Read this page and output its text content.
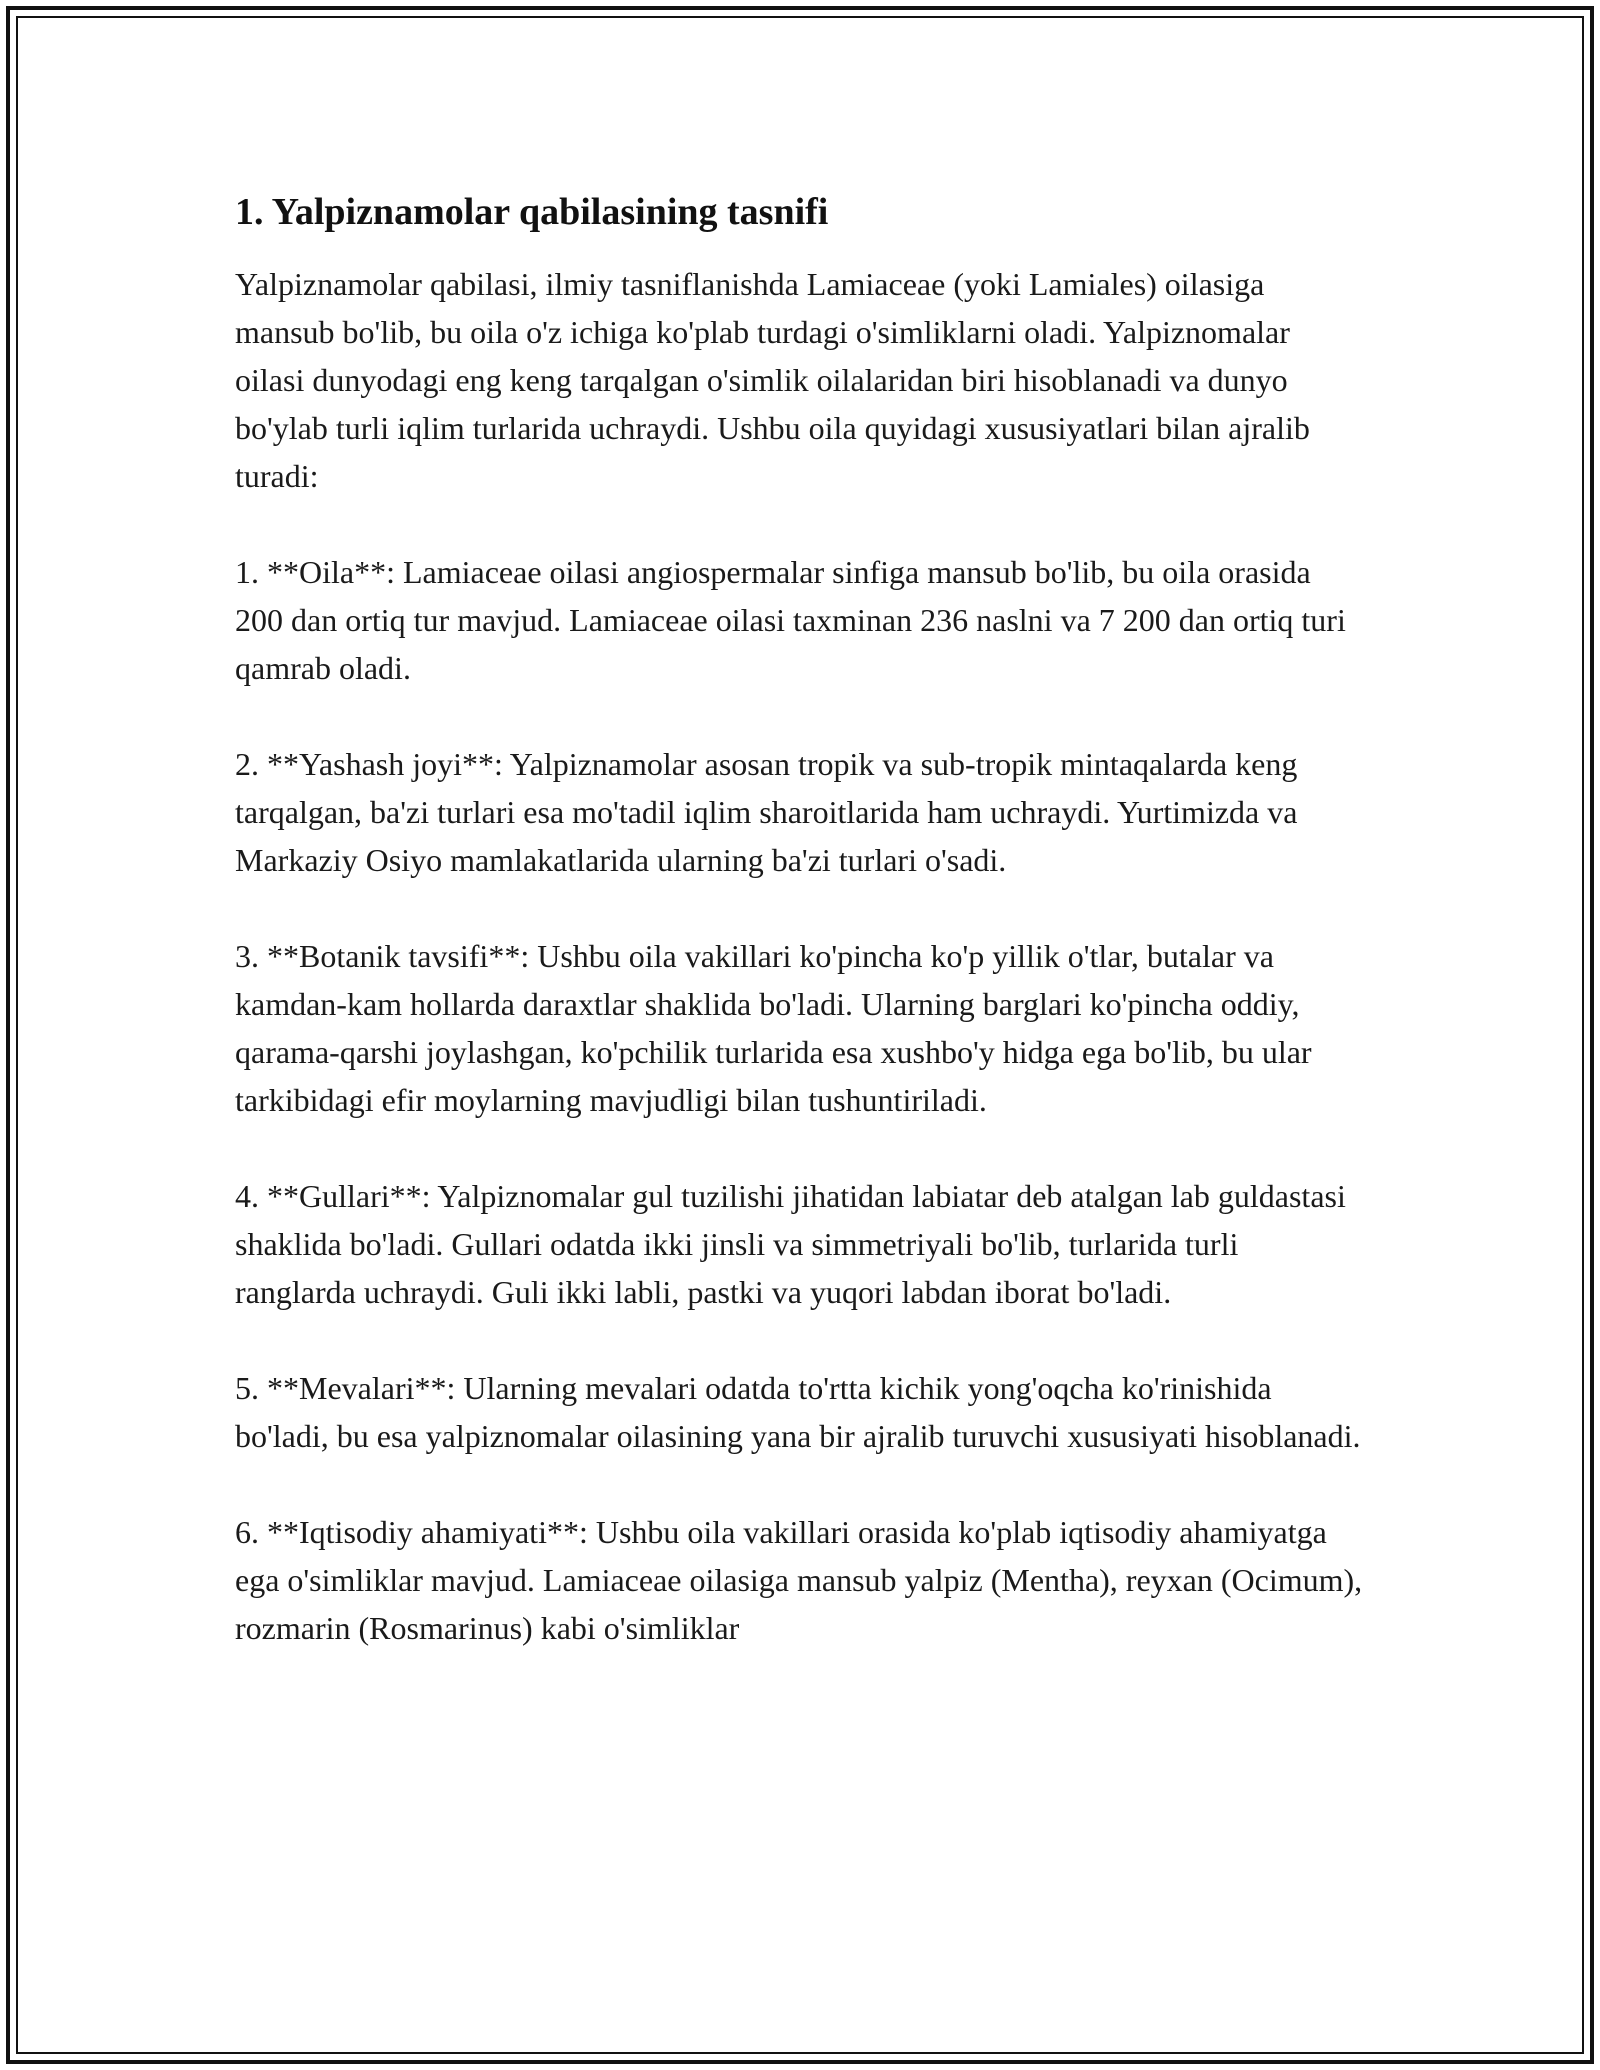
1. Yalpiznamolar qabilasining tasnifi

Yalpiznamolar qabilasi, ilmiy tasniflanishda Lamiaceae (yoki Lamiales) oilasiga mansub bo'lib, bu oila o'z ichiga ko'plab turdagi o'simliklarni oladi. Yalpiznomalar oilasi dunyodagi eng keng tarqalgan o'simlik oilalaridan biri hisoblanadi va dunyo bo'ylab turli iqlim turlarida uchraydi. Ushbu oila quyidagi xususiyatlari bilan ajralib turadi:

1. **Oila**: Lamiaceae oilasi angiospermalar sinfiga mansub bo'lib, bu oila orasida 200 dan ortiq tur mavjud. Lamiaceae oilasi taxminan 236 naslni va 7 200 dan ortiq turi qamrab oladi.

2. **Yashash joyi**: Yalpiznamolar asosan tropik va sub-tropik mintaqalarda keng tarqalgan, ba'zi turlari esa mo'tadil iqlim sharoitlarida ham uchraydi. Yurtimizda va Markaziy Osiyo mamlakatlarida ularning ba'zi turlari o'sadi.

3. **Botanik tavsifi**: Ushbu oila vakillari ko'pincha ko'p yillik o'tlar, butalar va kamdan-kam hollarda daraxtlar shaklida bo'ladi. Ularning barglari ko'pincha oddiy, qarama-qarshi joylashgan, ko'pchilik turlarida esa xushbo'y hidga ega bo'lib, bu ular tarkibidagi efir moylarning mavjudligi bilan tushuntiriladi.

4. **Gullari**: Yalpiznomalar gul tuzilishi jihatidan labiatar deb atalgan lab guldastasi shaklida bo'ladi. Gullari odatda ikki jinsli va simmetriyali bo'lib, turlarida turli ranglarda uchraydi. Guli ikki labli, pastki va yuqori labdan iborat bo'ladi.

5. **Mevalari**: Ularning mevalari odatda to'rtta kichik yong'oqcha ko'rinishida bo'ladi, bu esa yalpiznomalar oilasining yana bir ajralib turuvchi xususiyati hisoblanadi.

6. **Iqtisodiy ahamiyati**: Ushbu oila vakillari orasida ko'plab iqtisodiy ahamiyatga ega o'simliklar mavjud. Lamiaceae oilasiga mansub yalpiz (Mentha), reyxan (Ocimum), rozmarin (Rosmarinus) kabi o'simliklar
